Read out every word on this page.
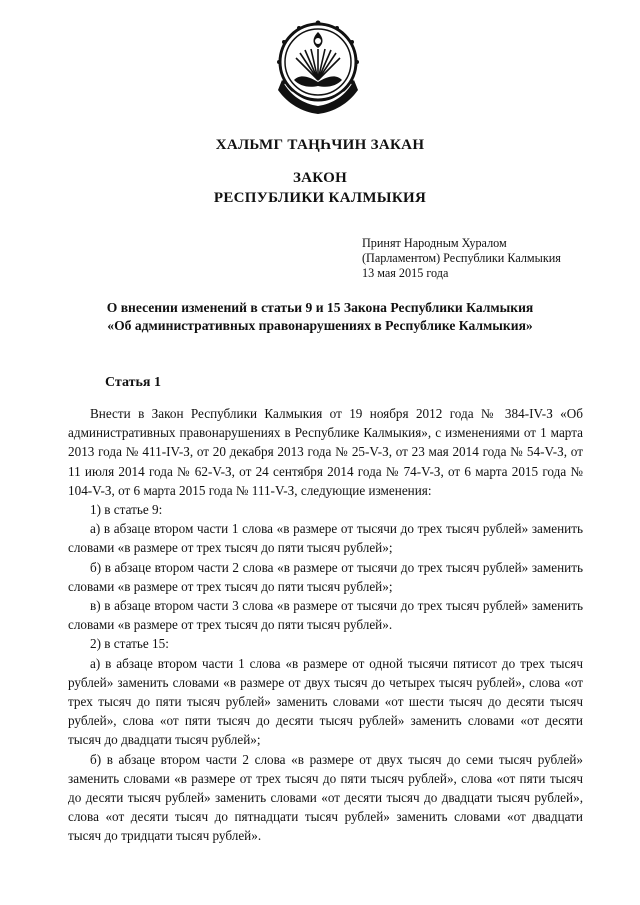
ХАЛЬМГ ТАҢҺЧИН ЗАКАН
ЗАКОН
РЕСПУБЛИКИ КАЛМЫКИЯ
Принят Народным Хуралом
(Парламентом) Республики Калмыкия
13 мая 2015 года
О внесении изменений в статьи 9 и 15 Закона Республики Калмыкия
«Об административных правонарушениях в Республике Калмыкия»
Статья 1

Внести в Закон Республики Калмыкия от 19 ноября 2012 года № 384-IV-З «Об административных правонарушениях в Республике Калмыкия», с изменениями от 1 марта 2013 года № 411-IV-З, от 20 декабря 2013 года № 25-V-З, от 23 мая 2014 года № 54-V-З, от 11 июля 2014 года № 62-V-З, от 24 сентября 2014 года № 74-V-З, от 6 марта 2015 года № 104-V-З, от 6 марта 2015 года № 111-V-З, следующие изменения:

1) в статье 9:

а) в абзаце втором части 1 слова «в размере от тысячи до трех тысяч рублей» заменить словами «в размере от трех тысяч до пяти тысяч рублей»;

б) в абзаце втором части 2 слова «в размере от тысячи до трех тысяч рублей» заменить словами «в размере от трех тысяч до пяти тысяч рублей»;

в) в абзаце втором части 3 слова «в размере от тысячи до трех тысяч рублей» заменить словами «в размере от трех тысяч до пяти тысяч рублей».

2) в статье 15:

а) в абзаце втором части 1 слова «в размере от одной тысячи пятисот до трех тысяч рублей» заменить словами «в размере от двух тысяч до четырех тысяч рублей», слова «от трех тысяч до пяти тысяч рублей» заменить словами «от шести тысяч до десяти тысяч рублей», слова «от пяти тысяч до десяти тысяч рублей» заменить словами «от десяти тысяч до двадцати тысяч рублей»;

б) в абзаце втором части 2 слова «в размере от двух тысяч до семи тысяч рублей» заменить словами «в размере от трех тысяч до пяти тысяч рублей», слова «от пяти тысяч до десяти тысяч рублей» заменить словами «от десяти тысяч до двадцати тысяч рублей», слова «от десяти тысяч до пятнадцати тысяч рублей» заменить словами «от двадцати тысяч до тридцати тысяч рублей».
